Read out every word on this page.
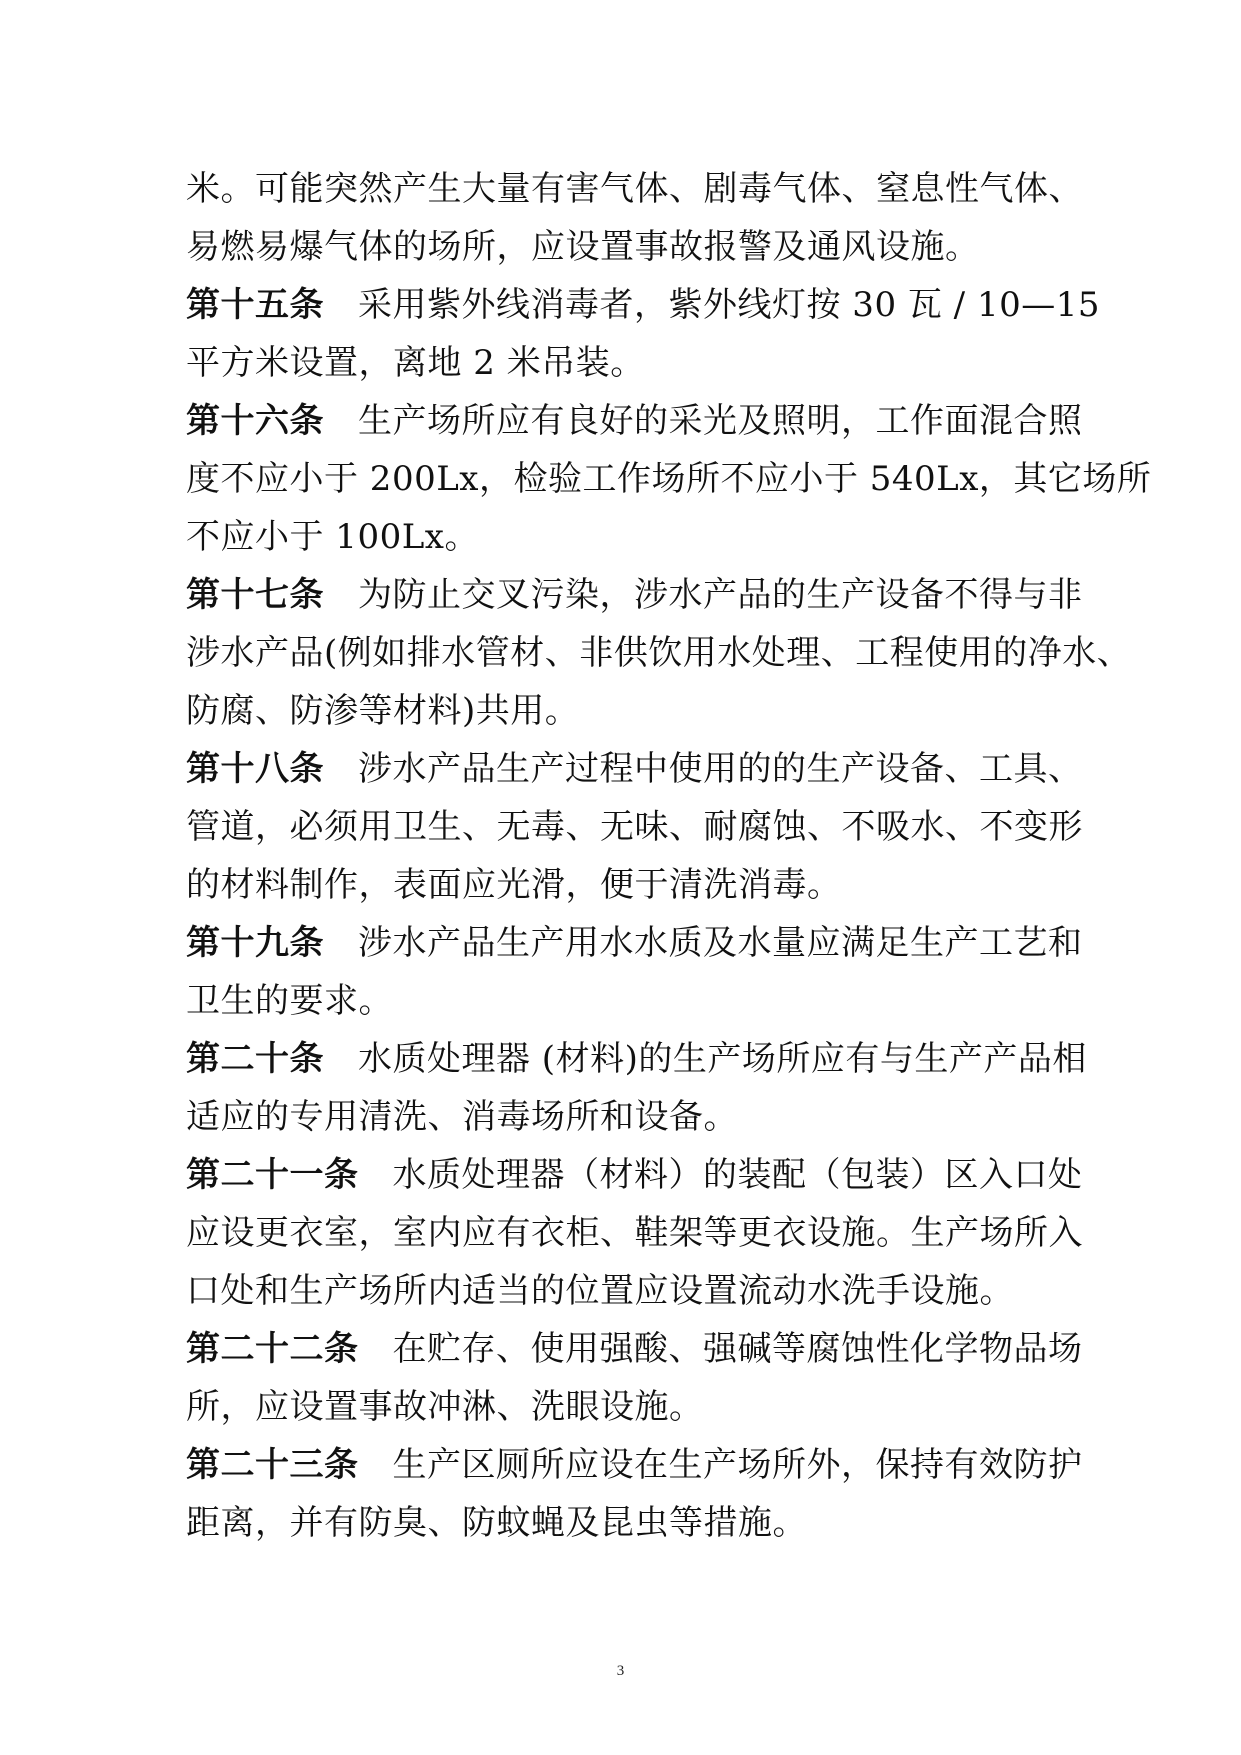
米。可能突然产生大量有害气体、剧毒气体、窒息性气体、
易燃易爆气体的场所，应设置事故报警及通风设施。
第十五条 采用紫外线消毒者，紫外线灯按 30 瓦 / 10—15
平方米设置，离地 2 米吊装。
第十六条 生产场所应有良好的采光及照明，工作面混合照
度不应小于 200Lx，检验工作场所不应小于 540Lx，其它场所
不应小于 100Lx。
第十七条 为防止交叉污染，涉水产品的生产设备不得与非
涉水产品(例如排水管材、非供饮用水处理、工程使用的净水、
防腐、防渗等材料)共用。
第十八条 涉水产品生产过程中使用的的生产设备、工具、
管道，必须用卫生、无毒、无味、耐腐蚀、不吸水、不变形
的材料制作，表面应光滑，便于清洗消毒。
第十九条 涉水产品生产用水水质及水量应满足生产工艺和
卫生的要求。
第二十条 水质处理器 (材料)的生产场所应有与生产产品相
适应的专用清洗、消毒场所和设备。
第二十一条 水质处理器（材料）的装配（包装）区入口处
应设更衣室，室内应有衣柜、鞋架等更衣设施。生产场所入
口处和生产场所内适当的位置应设置流动水洗手设施。
第二十二条 在贮存、使用强酸、强碱等腐蚀性化学物品场
所，应设置事故冲淋、洗眼设施。
第二十三条 生产区厕所应设在生产场所外，保持有效防护
距离，并有防臭、防蚊蝇及昆虫等措施。
3
